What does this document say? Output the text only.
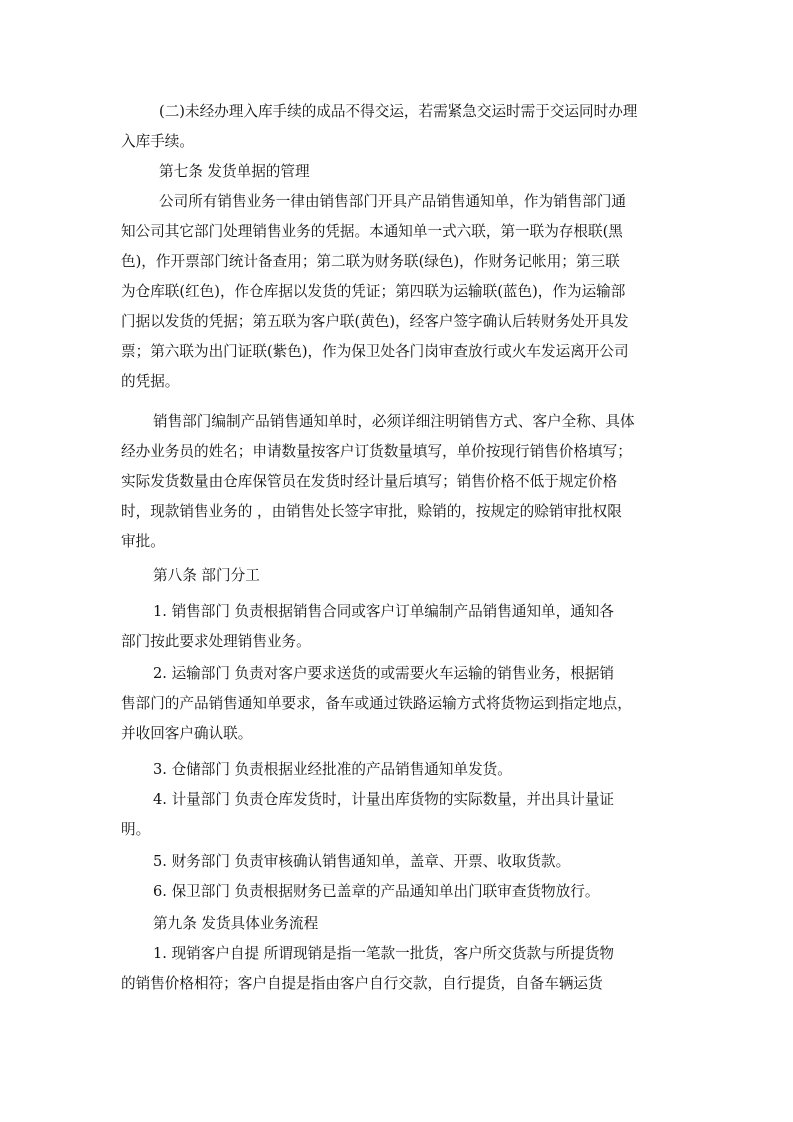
(二)未经办理入库手续的成品不得交运，若需紧急交运时需于交运同时办理
入库手续。
第七条 发货单据的管理
公司所有销售业务一律由销售部门开具产品销售通知单，作为销售部门通
知公司其它部门处理销售业务的凭据。本通知单一式六联，第一联为存根联(黑
色)，作开票部门统计备查用；第二联为财务联(绿色)，作财务记帐用；第三联
为仓库联(红色)，作仓库据以发货的凭证；第四联为运输联(蓝色)，作为运输部
门据以发货的凭据；第五联为客户联(黄色)，经客户签字确认后转财务处开具发
票；第六联为出门证联(紫色)，作为保卫处各门岗审查放行或火车发运离开公司
的凭据。
销售部门编制产品销售通知单时，必须详细注明销售方式、客户全称、具体
经办业务员的姓名；申请数量按客户订货数量填写，单价按现行销售价格填写；
实际发货数量由仓库保管员在发货时经计量后填写；销售价格不低于规定价格
时，现款销售业务的 ，由销售处长签字审批，赊销的，按规定的赊销审批权限
审批。
第八条 部门分工
1. 销售部门 负责根据销售合同或客户订单编制产品销售通知单，通知各
部门按此要求处理销售业务。
2. 运输部门 负责对客户要求送货的或需要火车运输的销售业务，根据销
售部门的产品销售通知单要求，备车或通过铁路运输方式将货物运到指定地点，
并收回客户确认联。
3. 仓储部门 负责根据业经批准的产品销售通知单发货。
4. 计量部门 负责仓库发货时，计量出库货物的实际数量，并出具计量证
明。
5. 财务部门 负责审核确认销售通知单，盖章、开票、收取货款。
6. 保卫部门 负责根据财务已盖章的产品通知单出门联审查货物放行。
第九条 发货具体业务流程
1. 现销客户自提 所谓现销是指一笔款一批货，客户所交货款与所提货物
的销售价格相符；客户自提是指由客户自行交款，自行提货，自备车辆运货
